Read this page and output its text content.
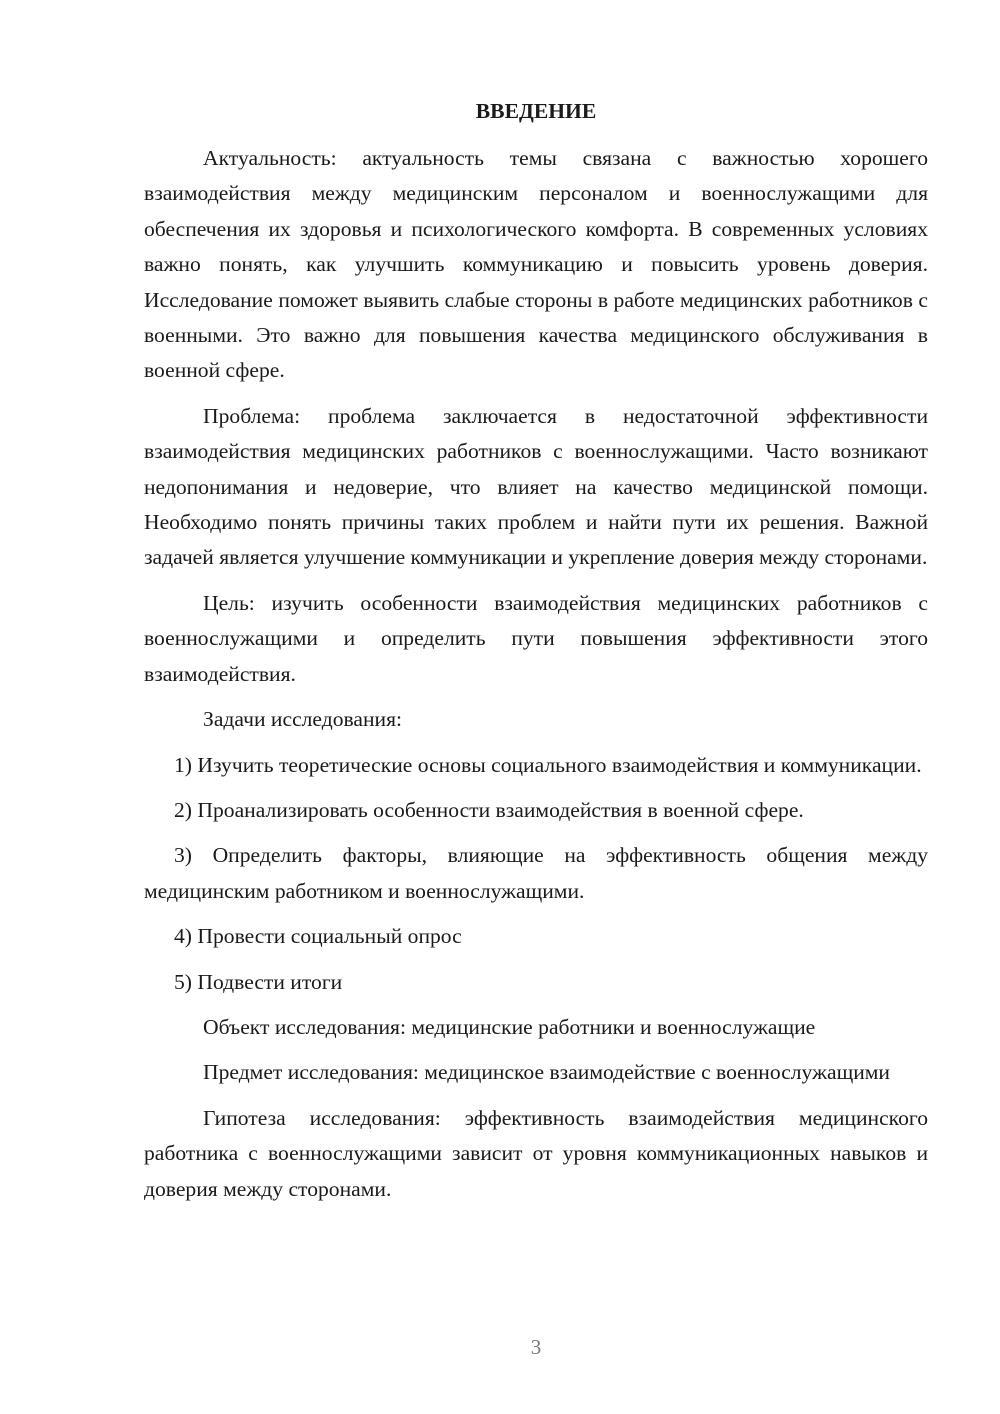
ВВЕДЕНИЕ

Актуальность: актуальность темы связана с важностью хорошего взаимодействия между медицинским персоналом и военнослужащими для обеспечения их здоровья и психологического комфорта. В современных условиях важно понять, как улучшить коммуникацию и повысить уровень доверия. Исследование поможет выявить слабые стороны в работе медицинских работников с военными. Это важно для повышения качества медицинского обслуживания в военной сфере.

Проблема: проблема заключается в недостаточной эффективности взаимодействия медицинских работников с военнослужащими. Часто возникают недопонимания и недоверие, что влияет на качество медицинской помощи. Необходимо понять причины таких проблем и найти пути их решения. Важной задачей является улучшение коммуникации и укрепление доверия между сторонами.

Цель: изучить особенности взаимодействия медицинских работников с военнослужащими и определить пути повышения эффективности этого взаимодействия.

Задачи исследования:

1) Изучить теоретические основы социального взаимодействия и коммуникации.

2) Проанализировать особенности взаимодействия в военной сфере.

3) Определить факторы, влияющие на эффективность общения между медицинским работником и военнослужащими.

4) Провести социальный опрос

5) Подвести итоги

Объект исследования: медицинские работники и военнослужащие

Предмет исследования: медицинское взаимодействие с военнослужащими

Гипотеза исследования: эффективность взаимодействия медицинского работника с военнослужащими зависит от уровня коммуникационных навыков и доверия между сторонами.

3
